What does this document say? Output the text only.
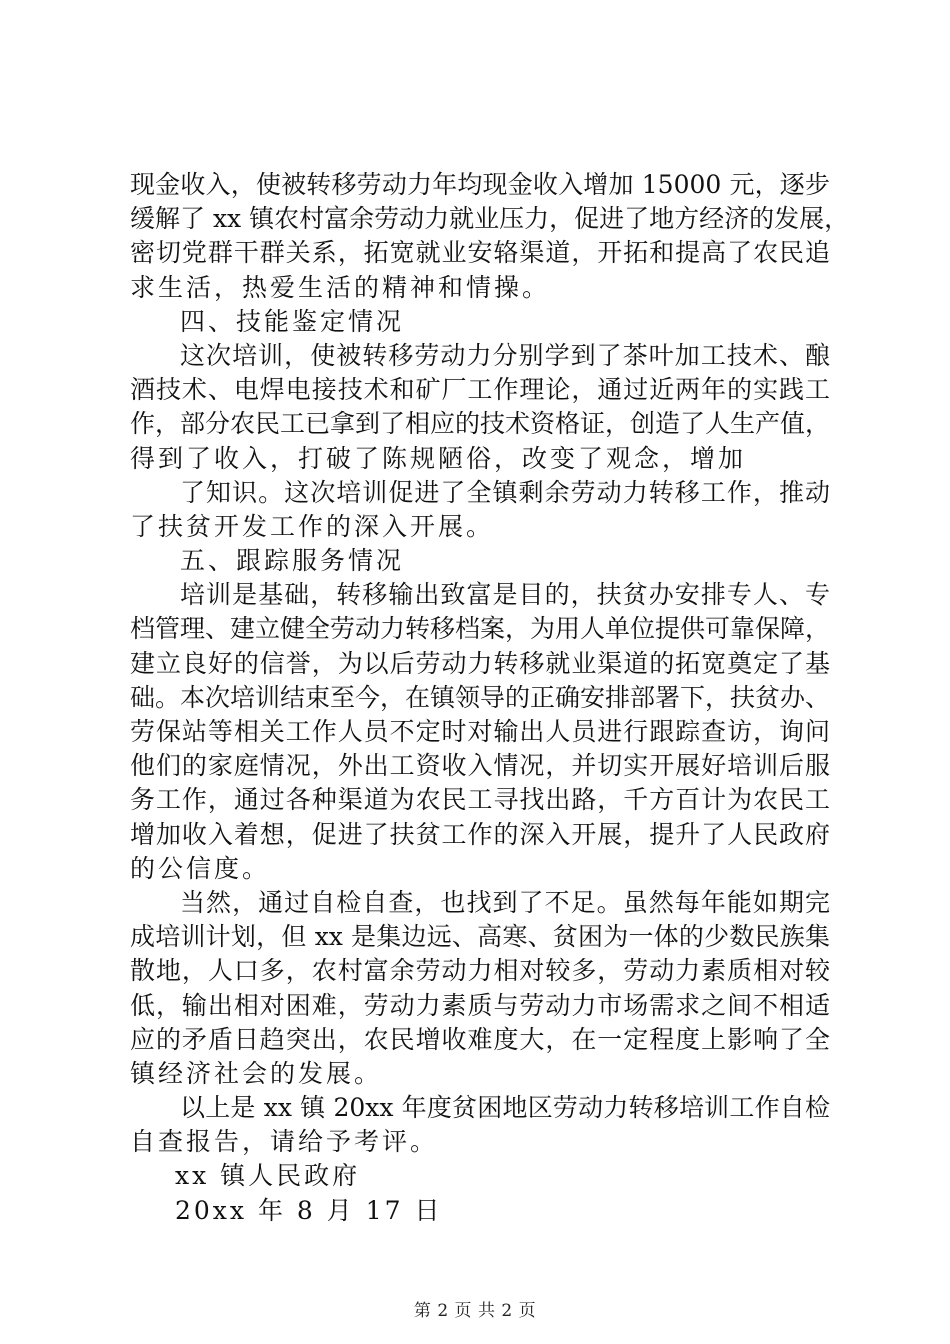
现金收入，使被转移劳动力年均现金收入增加 15000 元，逐步
缓解了 xx 镇农村富余劳动力就业压力，促进了地方经济的发展，
密切党群干群关系，拓宽就业安辂渠道，开拓和提高了农民追
求生活，热爱生活的精神和情操。
四、技能鉴定情况
这次培训，使被转移劳动力分别学到了茶叶加工技术、酿
酒技术、电焊电接技术和矿厂工作理论，通过近两年的实践工
作，部分农民工已拿到了相应的技术资格证，创造了人生产值，
得到了收入，打破了陈规陋俗，改变了观念，增加
了知识。这次培训促进了全镇剩余劳动力转移工作，推动
了扶贫开发工作的深入开展。
五、跟踪服务情况
培训是基础，转移输出致富是目的，扶贫办安排专人、专
档管理、建立健全劳动力转移档案，为用人单位提供可靠保障，
建立良好的信誉，为以后劳动力转移就业渠道的拓宽奠定了基
础。本次培训结束至今，在镇领导的正确安排部署下，扶贫办、
劳保站等相关工作人员不定时对输出人员进行跟踪查访，询问
他们的家庭情况，外出工资收入情况，并切实开展好培训后服
务工作，通过各种渠道为农民工寻找出路，千方百计为农民工
增加收入着想，促进了扶贫工作的深入开展，提升了人民政府
的公信度。
当然，通过自检自查，也找到了不足。虽然每年能如期完
成培训计划，但 xx 是集边远、高寒、贫困为一体的少数民族集
散地，人口多，农村富余劳动力相对较多，劳动力素质相对较
低，输出相对困难，劳动力素质与劳动力市场需求之间不相适
应的矛盾日趋突出，农民增收难度大，在一定程度上影响了全
镇经济社会的发展。
以上是 xx 镇 20xx 年度贫困地区劳动力转移培训工作自检
自查报告，请给予考评。
xx 镇人民政府
20xx 年 8 月 17 日
第 2 页 共 2 页
